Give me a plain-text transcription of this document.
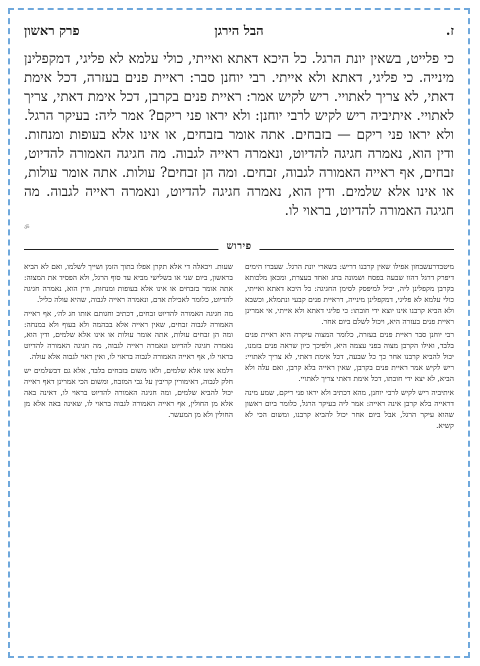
ז.
הבל הירגן
פרק ראשון
כי פלייט, בשאין יונת הרגל. כל היכא דאתא ואייתי, כולי עלמא לא פליגי, דמקפלינן מינייה. כי פליגי, דאתא ולא אייתי. רבי יוחנן סבר: ראיית פנים בעזרה, דכל אימת דאתי, לא צריך לאתויי. ריש לקיש אמר: ראיית פנים בקרבן, דכל אימת דאתי, צריך לאתויי. איתיביה ריש לקיש לרבי יוחנן: ולא יראו פני ריקם? אמר ליה: בעיקר הרגל. ולא יראו פני ריקם — בזבחים. אתה אומר בזבחים, או אינו אלא בעופות ומנחות. ודין הוא, נאמרה חגיגה להדיוט, ונאמרה ראייה לגבוה. מה חגיגה האמורה להדיוט, זבחים, אף ראייה האמורה לגבוה, זבחים. ומה הן זבחים? עולות. אתה אומר עולות, או אינו אלא שלמים. ודין הוא, נאמרה חגיגה להדיוט, ונאמרה ראייה לגבוה. מה חגיגה האמורה להדיוט, בראוי לו.
ॐ
פירוש

מיטבדרעשבחון אפילו שאין קרבנו דריש: בשארי יונת הרגל. שעברו הימים דיפרק דרגל דהוו שבעה בפסח ושמונה בחג ואחד בעצרת, ומכאן מלכותא בקרבן מקפלינן ליה, יכיל למיפסק לסימן החגיגה: כל היכא דאתא ואייתי, כולי עלמא לא פליגי, דמקפלינן מינייה, דראיית פנים קבעי ונתמלא, וכשבא ולא הביא קרבנו אינו יוצא ידי חובתו: כי פליגי דאתא ולא אייתי, אי אמרינן ראיית פנים בעזרה היא, ויכול לשלם ביום אחר.

רבי יוחנן סבר ראיית פנים בעזרה, כלומר המצוה עיקרה היא ראיית פנים בלבד, ואילו הקרבן מצוה בפני עצמה היא, ולפיכך כיון שראה פנים בזמנו, יכול להביא קרבנו אחר כך כל שבעה, דכל אימת דאתי, לא צריך לאתויי: ריש לקיש אמר ראיית פנים בקרבן, שאין ראייה בלא קרבן, ואם עלה ולא הביא, לא יצא ידי חובתו, דכל אימת דאתי צריך לאתויי.

איתיביה ריש לקיש לרבי יוחנן, מהא דכתיב ולא יראו פני ריקם, שמע מינה דראייה בלא קרבן אינה ראייה: אמר ליה בעיקר הרגל, כלומר ביום ראשון שהוא עיקר הרגל, אבל ביום אחר יכול להביא קרבנו, ומשום הכי לא קשיא.

שעות. ויכאלה די אלא תקרן אפלו בתוך הזמן ושייך לשלמו, ואם לא הביא בראשון, ביום שני או בשלישי מביא עד סוף הרגל, ולא הפסיד את המצוה: אתה אומר בזבחים או אינו אלא בעופות ומנחות, ודין הוא, נאמרה חגיגה להדיוט, כלומר לאכילת אדם, ונאמרה ראייה לגבוה, שהיא עולה כליל.

מה חגיגה האמורה להדיוט זבחים, דכתיב וחגותם אותו חג לה׳, אף ראייה האמורה לגבוה זבחים, שאין ראייה אלא בבהמה ולא בעוף ולא במנחה: ומה הן זבחים עולות, אתה אומר עולות או אינו אלא שלמים, ודין הוא, נאמרה חגיגה להדיוט ונאמרה ראייה לגבוה, מה חגיגה האמורה להדיוט בראוי לו, אף ראייה האמורה לגבוה בראוי לו, ואין ראוי לגבוה אלא עולה.

דלמא אינו אלא שלמים, ולאו משום בזבחים בלבד, אלא גם דבשלמים יש חלק לגבוה, דאימורין קריבין על גבי המזבח, ומשום הכי אמרינן דאף ראייה יכול להביא שלמים, ומה חגיגה האמורה להדיוט בראוי לו, דאינה באה אלא מן החולין, אף ראייה האמורה לגבוה בראוי לו, שאינה באה אלא מן החולין ולא מן המעשר.
